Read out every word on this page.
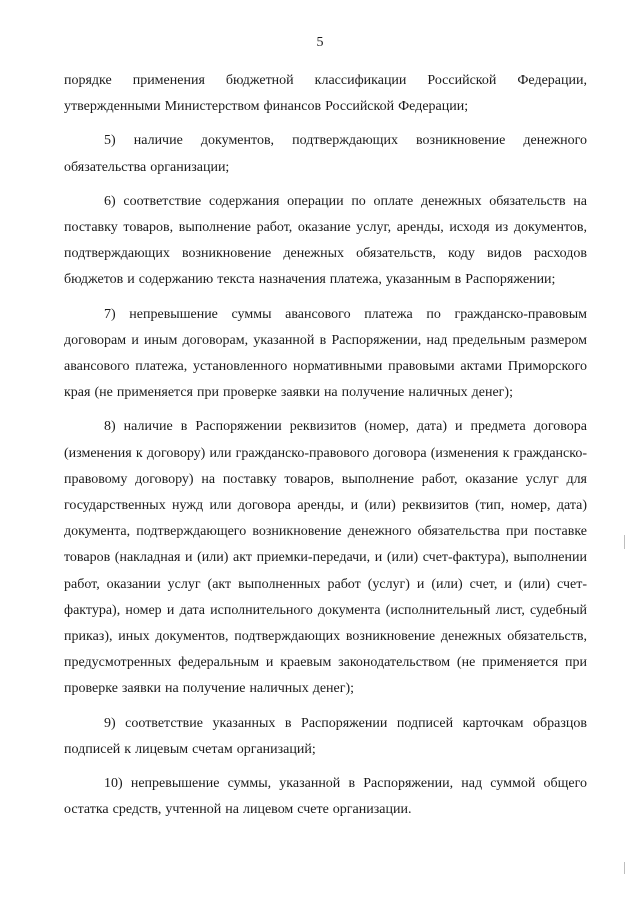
5

порядке применения бюджетной классификации Российской Федерации, утвержденными Министерством финансов Российской Федерации;

5) наличие документов, подтверждающих возникновение денежного обязательства организации;

6) соответствие содержания операции по оплате денежных обязательств на поставку товаров, выполнение работ, оказание услуг, аренды, исходя из документов, подтверждающих возникновение денежных обязательств, коду видов расходов бюджетов и содержанию текста назначения платежа, указанным в Распоряжении;

7) непревышение суммы авансового платежа по гражданско-правовым договорам и иным договорам, указанной в Распоряжении, над предельным размером авансового платежа, установленного нормативными правовыми актами Приморского края (не применяется при проверке заявки на получение наличных денег);

8) наличие в Распоряжении реквизитов (номер, дата) и предмета договора (изменения к договору) или гражданско-правового договора (изменения к гражданско-правовому договору) на поставку товаров, выполнение работ, оказание услуг для государственных нужд или договора аренды, и (или) реквизитов (тип, номер, дата) документа, подтверждающего возникновение денежного обязательства при поставке товаров (накладная и (или) акт приемки-передачи, и (или) счет-фактура), выполнении работ, оказании услуг (акт выполненных работ (услуг) и (или) счет, и (или) счет-фактура), номер и дата исполнительного документа (исполнительный лист, судебный приказ), иных документов, подтверждающих возникновение денежных обязательств, предусмотренных федеральным и краевым законодательством (не применяется при проверке заявки на получение наличных денег);

9) соответствие указанных в Распоряжении подписей карточкам образцов подписей к лицевым счетам организаций;

10) непревышение суммы, указанной в Распоряжении, над суммой общего остатка средств, учтенной на лицевом счете организации.
